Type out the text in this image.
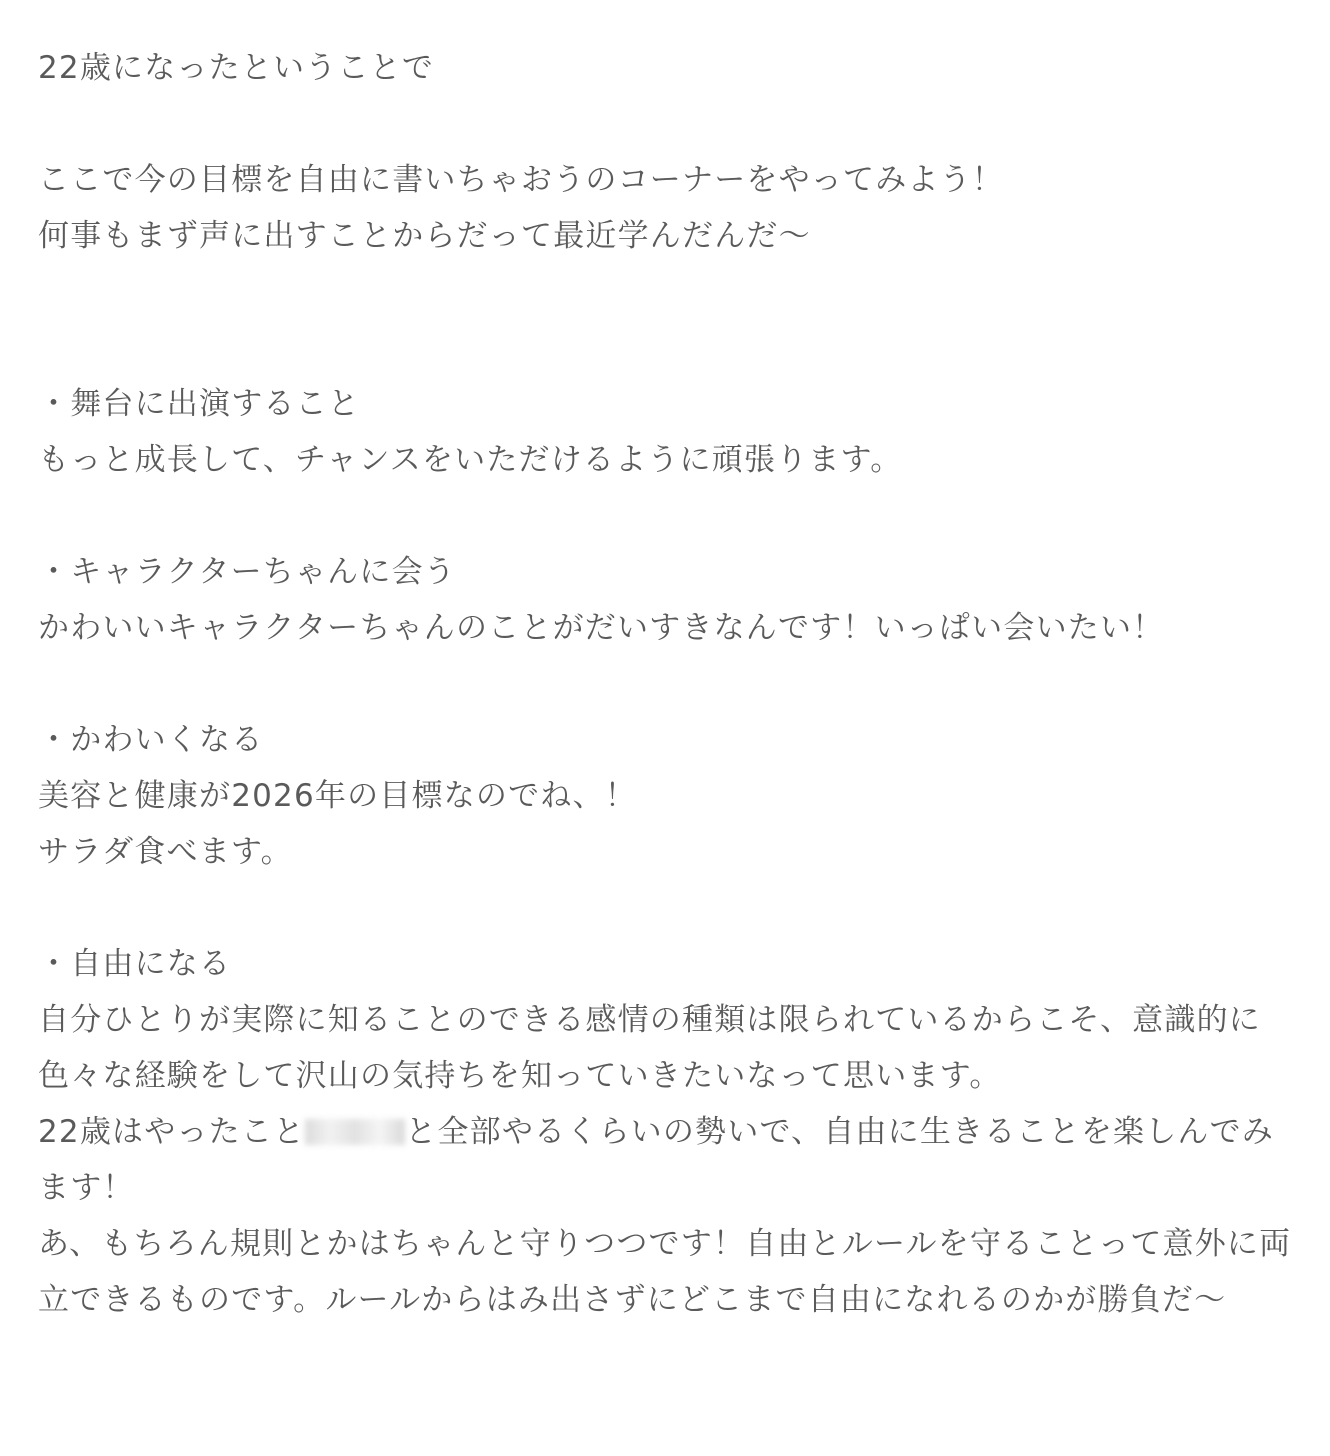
22歳になったということで

ここで今の目標を自由に書いちゃおうのコーナーをやってみよう！

何事もまず声に出すことからだって最近学んだんだ〜

・舞台に出演すること

もっと成長して、チャンスをいただけるように頑張ります。

・キャラクターちゃんに会う

かわいいキャラクターちゃんのことがだいすきなんです！いっぱい会いたい！

・かわいくなる

美容と健康が2026年の目標なのでね、！

サラダ食べます。

・自由になる

自分ひとりが実際に知ることのできる感情の種類は限られているからこそ、意識的に色々な経験をして沢山の気持ちを知っていきたいなって思います。

22歳はやったこと	と全部やるくらいの勢いで、自由に生きることを楽しんでみます！

あ、もちろん規則とかはちゃんと守りつつです！自由とルールを守ることって意外に両立できるものです。ルールからはみ出さずにどこまで自由になれるのかが勝負だ〜
